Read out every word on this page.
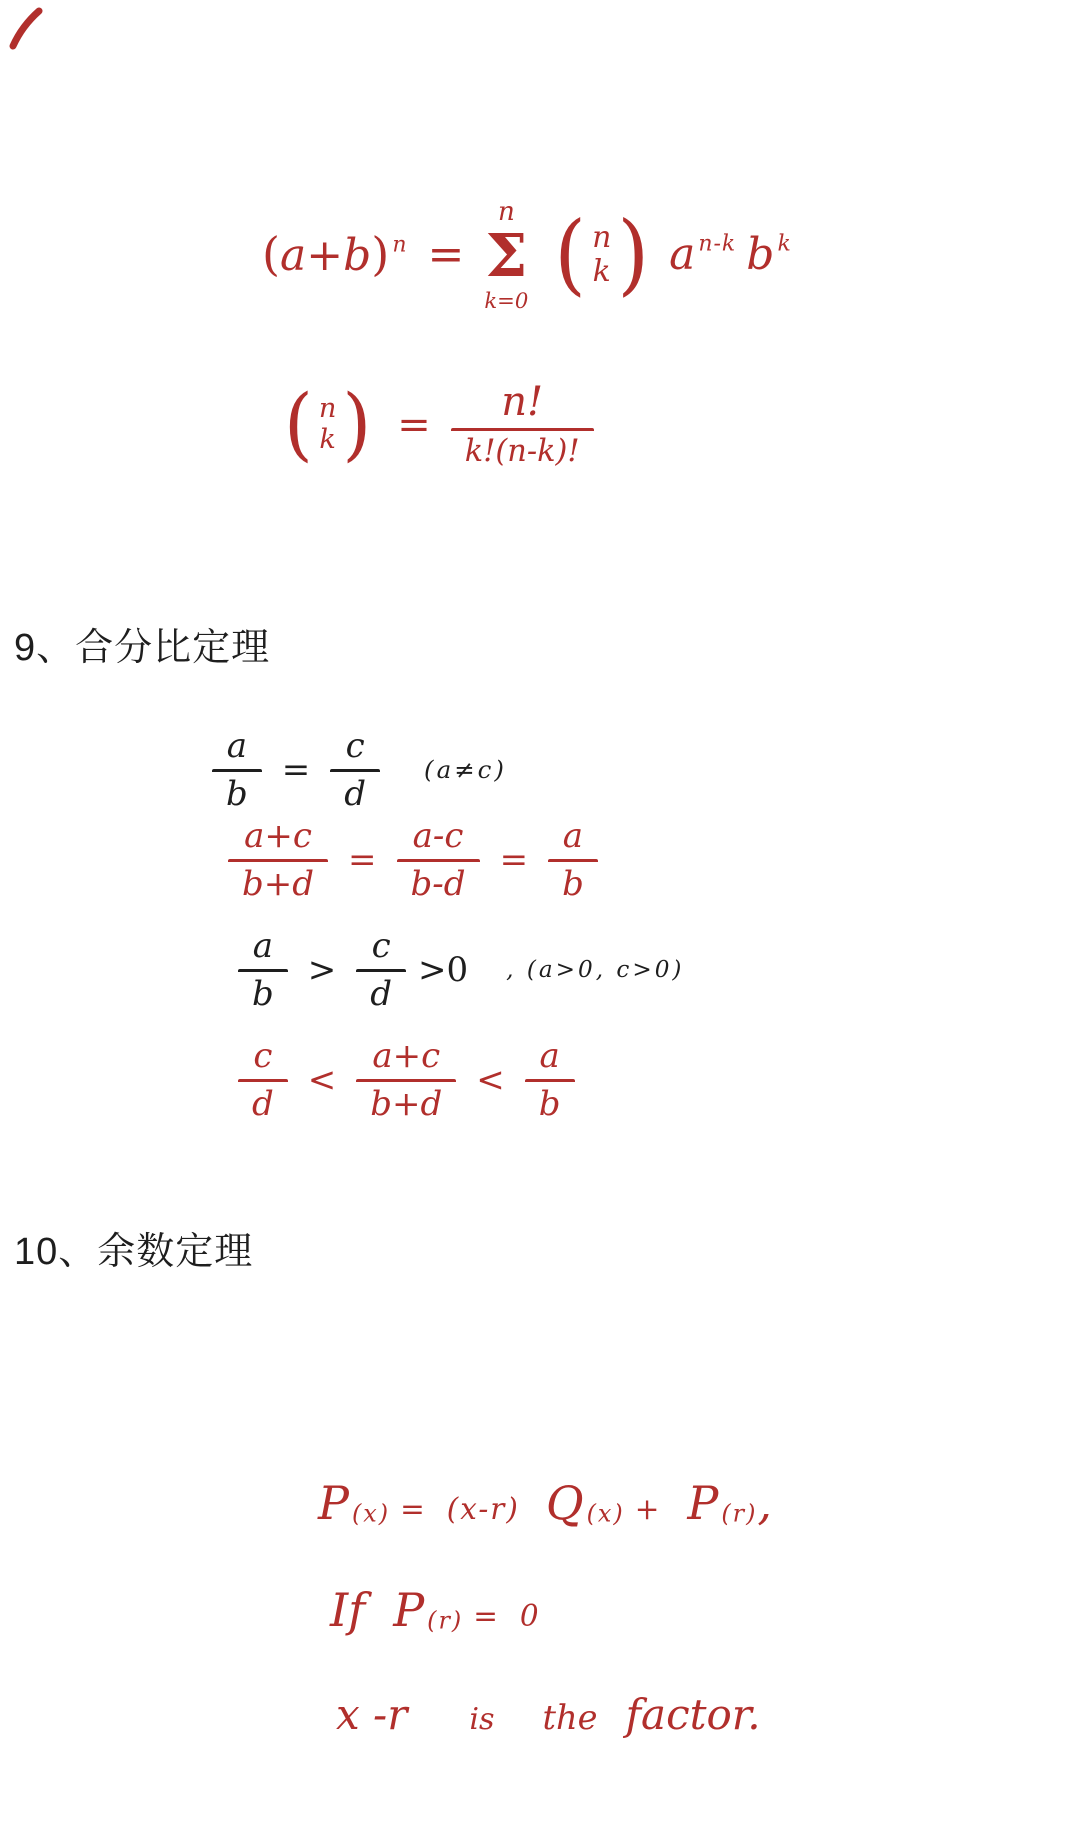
(a+b) n =
n
Σ
k=0 ( n
k ) a n-k b k
( n
k ) = $\frac{n!}{k!(n-k)!}$
9、合分比定理
$\frac{a}{b} = \frac{c}{d} (a\ne c)$
$\frac{a+c}{b+d} = \frac{a-c}{b-d} = \frac{a}{b}$
$\frac{a}{b} > \frac{c}{d} >0$ , (a>0, c>0)
$\frac{c}{d} < \frac{a+c}{b+d} < \frac{a}{b}$
10、余数定理
P (x) = (x-r) Q (x) + P (r) ,
If P (r) = 0
x -r is the factor.
